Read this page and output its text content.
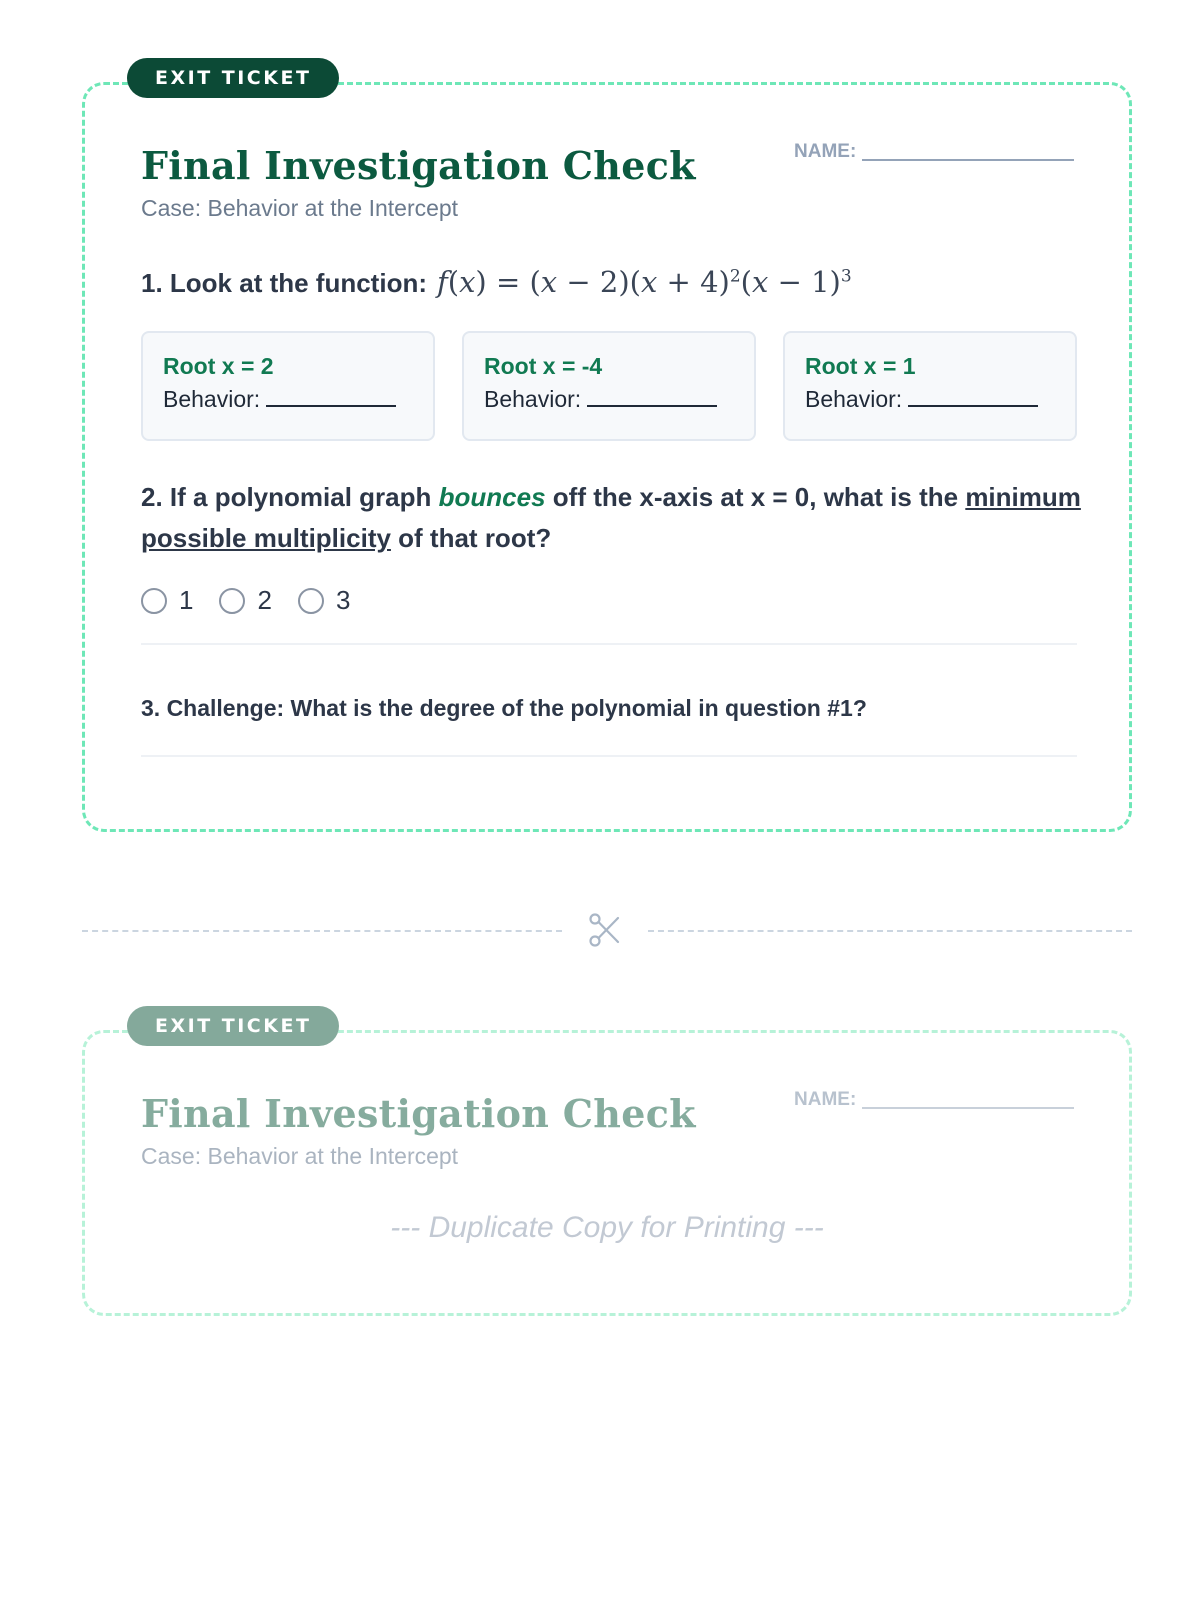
EXIT TICKET
Final Investigation Check
Case: Behavior at the Intercept
NAME:
1. Look at the function: $f(x) = (x - 2)(x + 4)^2(x - 1)^3$
Root x = 2
Behavior:
Root x = -4
Behavior:
Root x = 1
Behavior:
2. If a polynomial graph bounces off the x-axis at x = 0, what is the minimum possible multiplicity of that root?
1 2 3
3. Challenge: What is the degree of the polynomial in question #1?
EXIT TICKET
Final Investigation Check
Case: Behavior at the Intercept
NAME:
--- Duplicate Copy for Printing ---
